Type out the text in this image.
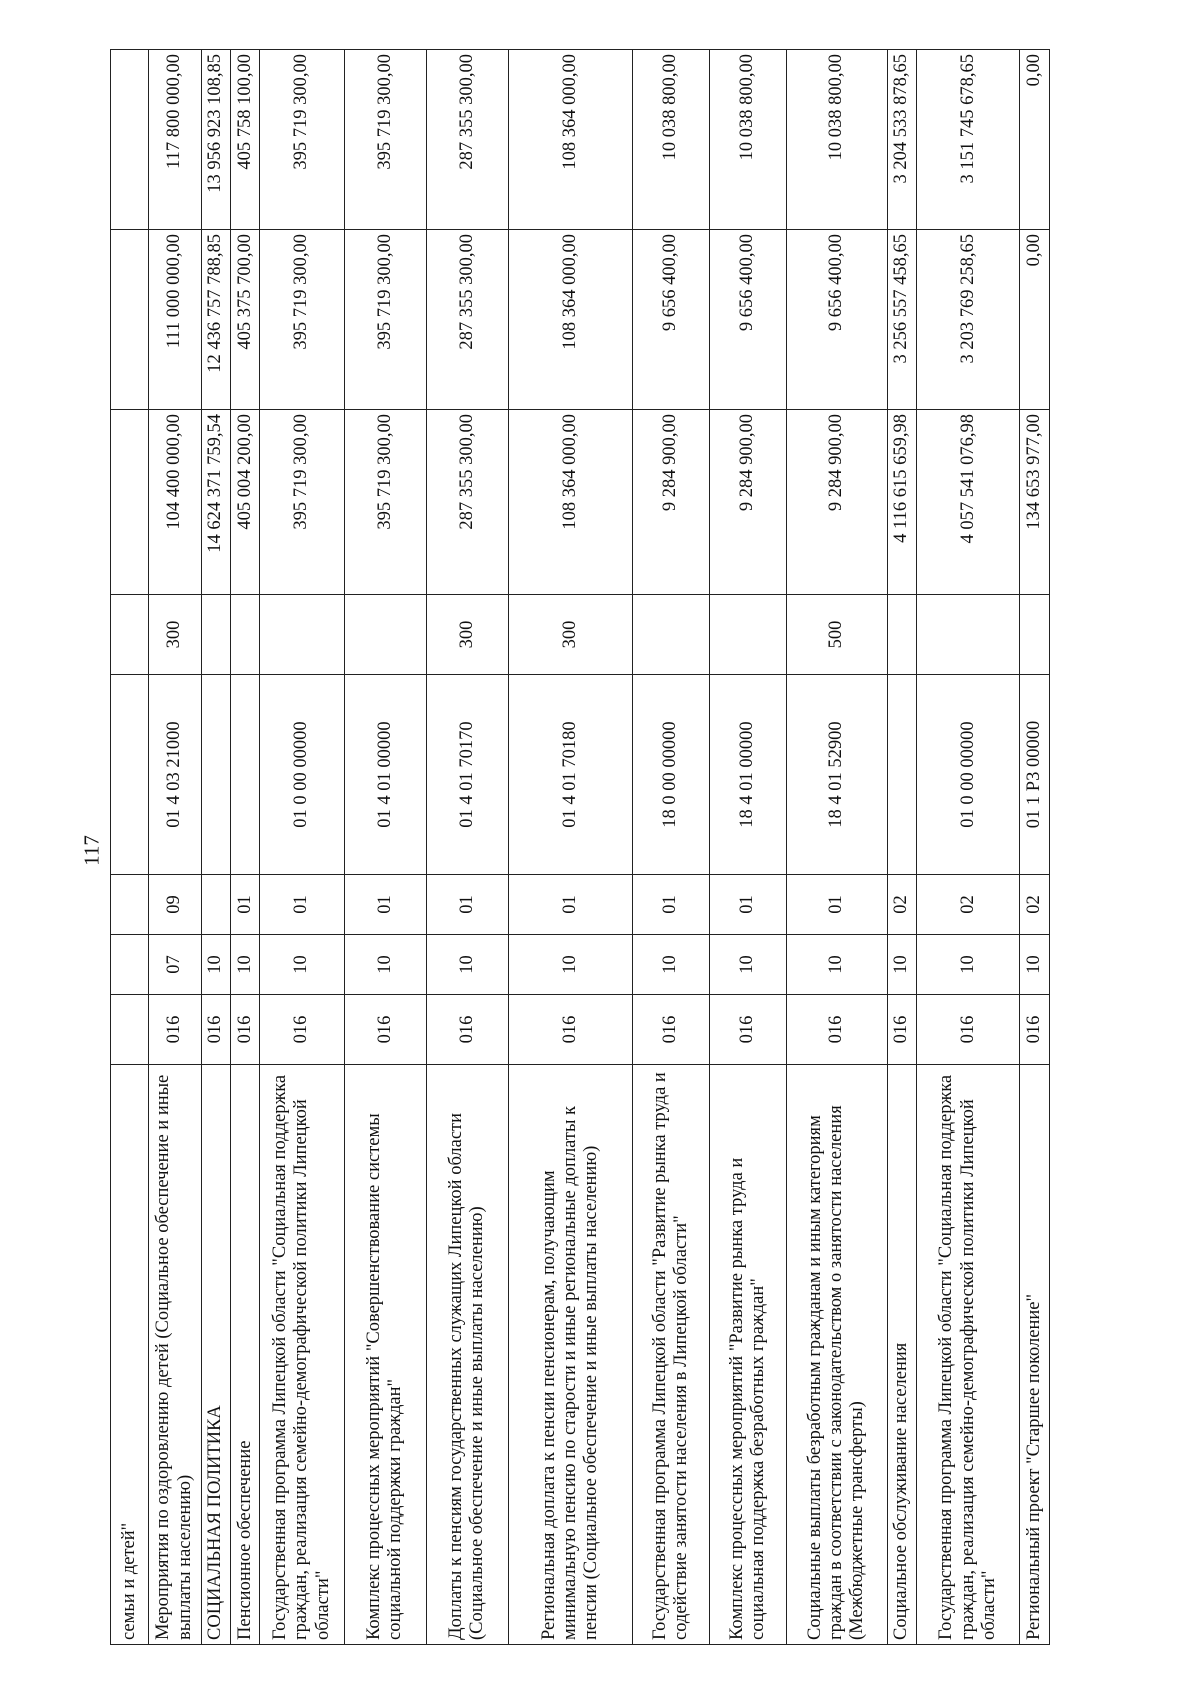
117
семьи и детей"								
Мероприятия по оздоровлению детей (Социальное обеспечение и иные выплаты населению)	016	07	09	01 4 03 21000	300	104 400 000,00	111 000 000,00	117 800 000,00
СОЦИАЛЬНАЯ ПОЛИТИКА	016	10				14 624 371 759,54	12 436 757 788,85	13 956 923 108,85
Пенсионное обеспечение	016	10	01			405 004 200,00	405 375 700,00	405 758 100,00
Государственная программа Липецкой области "Социальная поддержка граждан, реализация семейно-демографической политики Липецкой области"	016	10	01	01 0 00 00000		395 719 300,00	395 719 300,00	395 719 300,00
Комплекс процессных мероприятий "Совершенствование системы социальной поддержки граждан"	016	10	01	01 4 01 00000		395 719 300,00	395 719 300,00	395 719 300,00
Доплаты к пенсиям государственных служащих Липецкой области (Социальное обеспечение и иные выплаты населению)	016	10	01	01 4 01 70170	300	287 355 300,00	287 355 300,00	287 355 300,00
Региональная доплата к пенсии пенсионерам, получающим минимальную пенсию по старости и иные региональные доплаты к пенсии (Социальное обеспечение и иные выплаты населению)	016	10	01	01 4 01 70180	300	108 364 000,00	108 364 000,00	108 364 000,00
Государственная программа Липецкой области "Развитие рынка труда и содействие занятости населения в Липецкой области"	016	10	01	18 0 00 00000		9 284 900,00	9 656 400,00	10 038 800,00
Комплекс процессных мероприятий "Развитие рынка труда и социальная поддержка безработных граждан"	016	10	01	18 4 01 00000		9 284 900,00	9 656 400,00	10 038 800,00
Социальные выплаты безработным гражданам и иным категориям граждан в соответствии с законодательством о занятости населения (Межбюджетные трансферты)	016	10	01	18 4 01 52900	500	9 284 900,00	9 656 400,00	10 038 800,00
Социальное обслуживание населения	016	10	02			4 116 615 659,98	3 256 557 458,65	3 204 533 878,65
Государственная программа Липецкой области "Социальная поддержка граждан, реализация семейно-демографической политики Липецкой области"	016	10	02	01 0 00 00000		4 057 541 076,98	3 203 769 258,65	3 151 745 678,65
Региональный проект "Старшее поколение"	016	10	02	01 1 P3 00000		134 653 977,00	0,00	0,00
